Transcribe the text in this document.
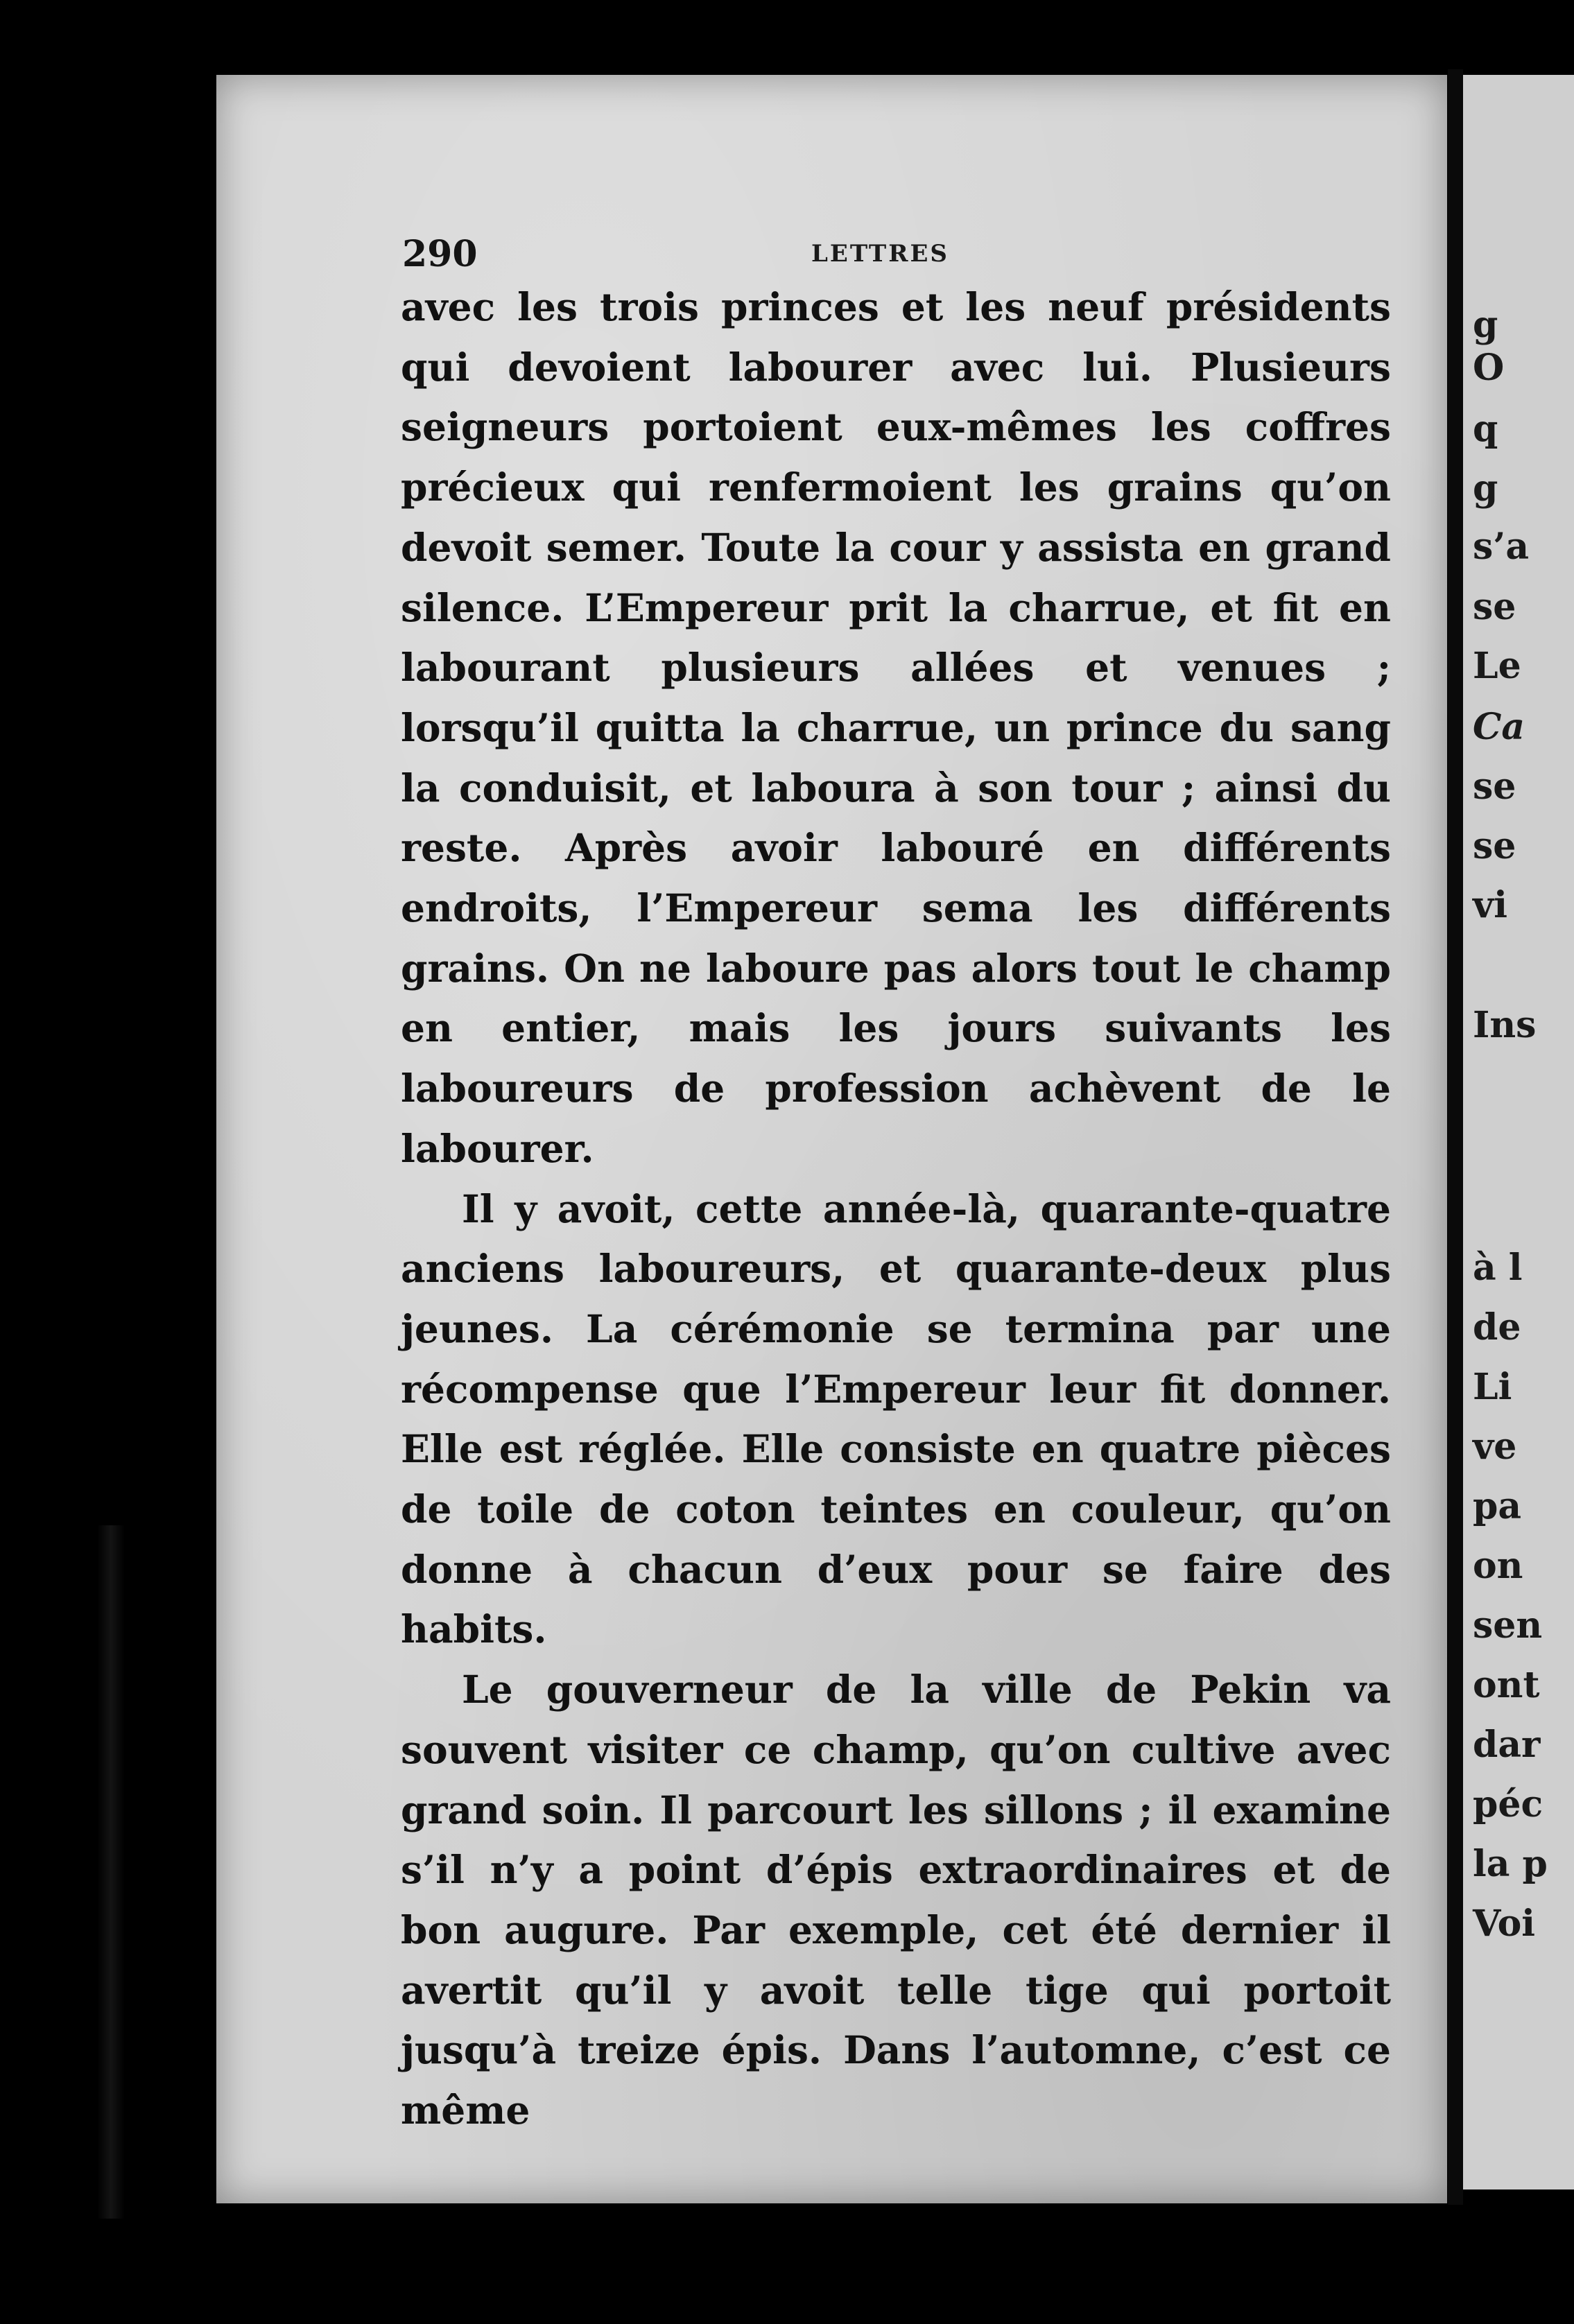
290	LETTRES

avec les trois princes et les neuf présidents qui devoient labourer avec lui. Plusieurs seigneurs portoient eux-mêmes les coffres précieux qui renfermoient les grains qu’on devoit semer. Toute la cour y assista en grand silence. L’Empereur prit la charrue, et fit en labourant plusieurs allées et venues ; lorsqu’il quitta la charrue, un prince du sang la conduisit, et laboura à son tour ; ainsi du reste. Après avoir labouré en différents endroits, l’Empereur sema les différents grains. On ne laboure pas alors tout le champ en entier, mais les jours suivants les laboureurs de profession achèvent de le labourer.

Il y avoit, cette année-là, quarante-quatre anciens laboureurs, et quarante-deux plus jeunes. La cérémonie se termina par une récompense que l’Empereur leur fit donner. Elle est réglée. Elle consiste en quatre pièces de toile de coton teintes en couleur, qu’on donne à chacun d’eux pour se faire des habits.

Le gouverneur de la ville de Pekin va souvent visiter ce champ, qu’on cultive avec grand soin. Il parcourt les sillons ; il examine s’il n’y a point d’épis extraordinaires et de bon augure. Par exemple, cet été dernier il avertit qu’il y avoit telle tige qui portoit jusqu’à treize épis. Dans l’automne, c’est ce même

g
O
q
g
s’a
se
Le
Ca
se
se
vi
Ins
à l
de
Li
ve
pa
on
sen
ont
dar
péc
la p
Voi
